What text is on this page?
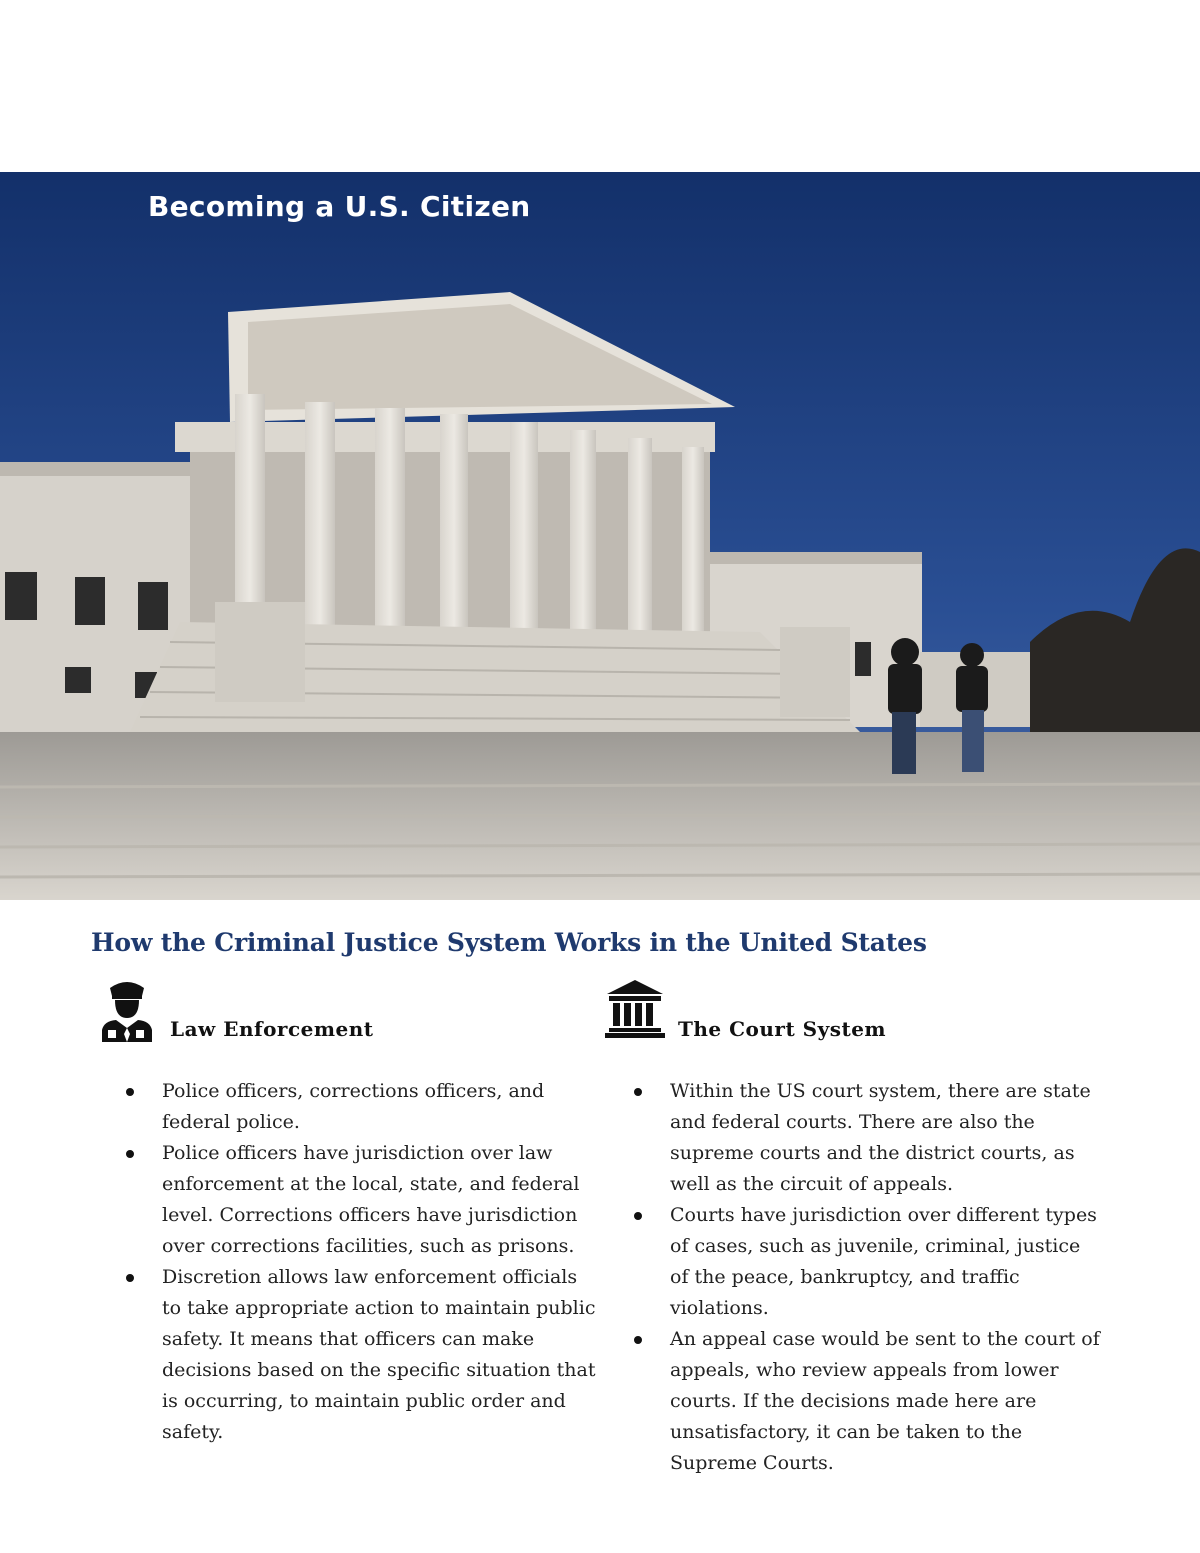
Becoming a U.S. Citizen
How the Criminal Justice System Works in the United States
Law Enforcement
Police officers, corrections officers, and federal police.
Police officers have jurisdiction over law enforcement at the local, state, and federal level. Corrections officers have jurisdiction over corrections facilities, such as prisons.
Discretion allows law enforcement officials to take appropriate action to maintain public safety. It means that officers can make decisions based on the specific situation that is occurring, to maintain public order and safety.
The Court System
Within the US court system, there are state and federal courts. There are also the supreme courts and the district courts, as well as the circuit of appeals.
Courts have jurisdiction over different types of cases, such as juvenile, criminal, justice of the peace, bankruptcy, and traffic violations.
An appeal case would be sent to the court of appeals, who review appeals from lower courts. If the decisions made here are unsatisfactory, it can be taken to the Supreme Courts.
